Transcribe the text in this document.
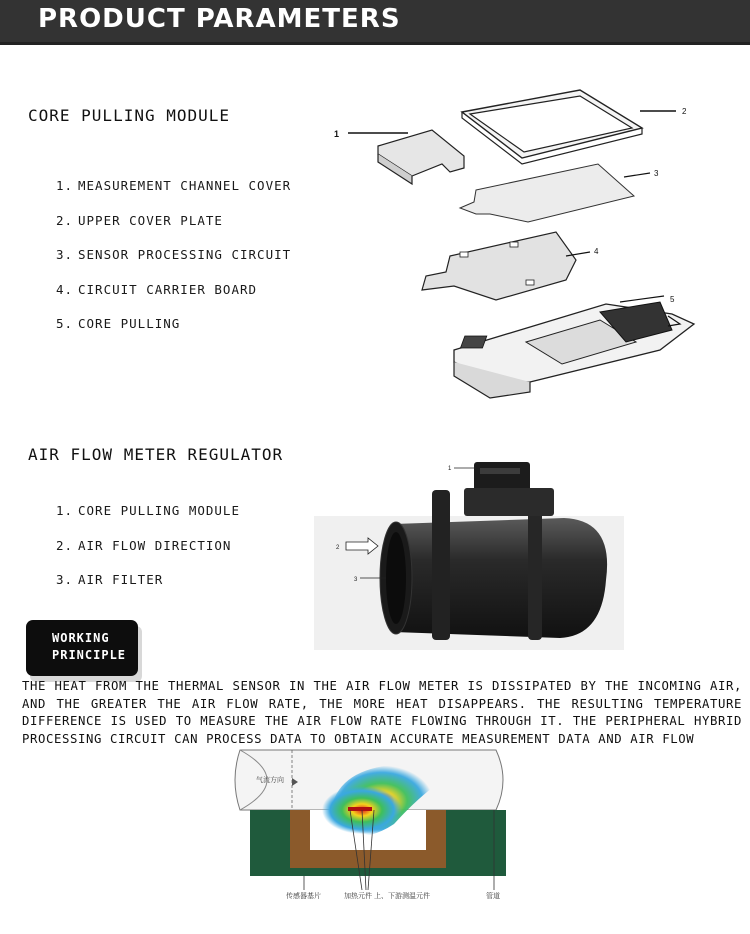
PRODUCT PARAMETERS
CORE PULLING MODULE
1. MEASUREMENT CHANNEL COVER
2. UPPER COVER PLATE
3. SENSOR PROCESSING CIRCUIT
4. CIRCUIT CARRIER BOARD
5. CORE PULLING
1
2
3
4
5
AIR FLOW METER REGULATOR
1. CORE PULLING MODULE
2. AIR FLOW DIRECTION
3. AIR FILTER
1
2
3
WORKING
PRINCIPLE

THE HEAT FROM THE THERMAL SENSOR IN THE AIR FLOW METER IS DISSIPATED BY THE INCOMING AIR, AND THE GREATER THE AIR FLOW RATE, THE MORE HEAT DISAPPEARS. THE RESULTING TEMPERATURE DIFFERENCE IS USED TO MEASURE THE AIR FLOW RATE FLOWING THROUGH IT. THE PERIPHERAL HYBRID PROCESSING CIRCUIT CAN PROCESS DATA TO OBTAIN ACCURATE MEASUREMENT DATA AND AIR FLOW

气流方向
传感器基片	加热元件 上、下游测温元件	管道
